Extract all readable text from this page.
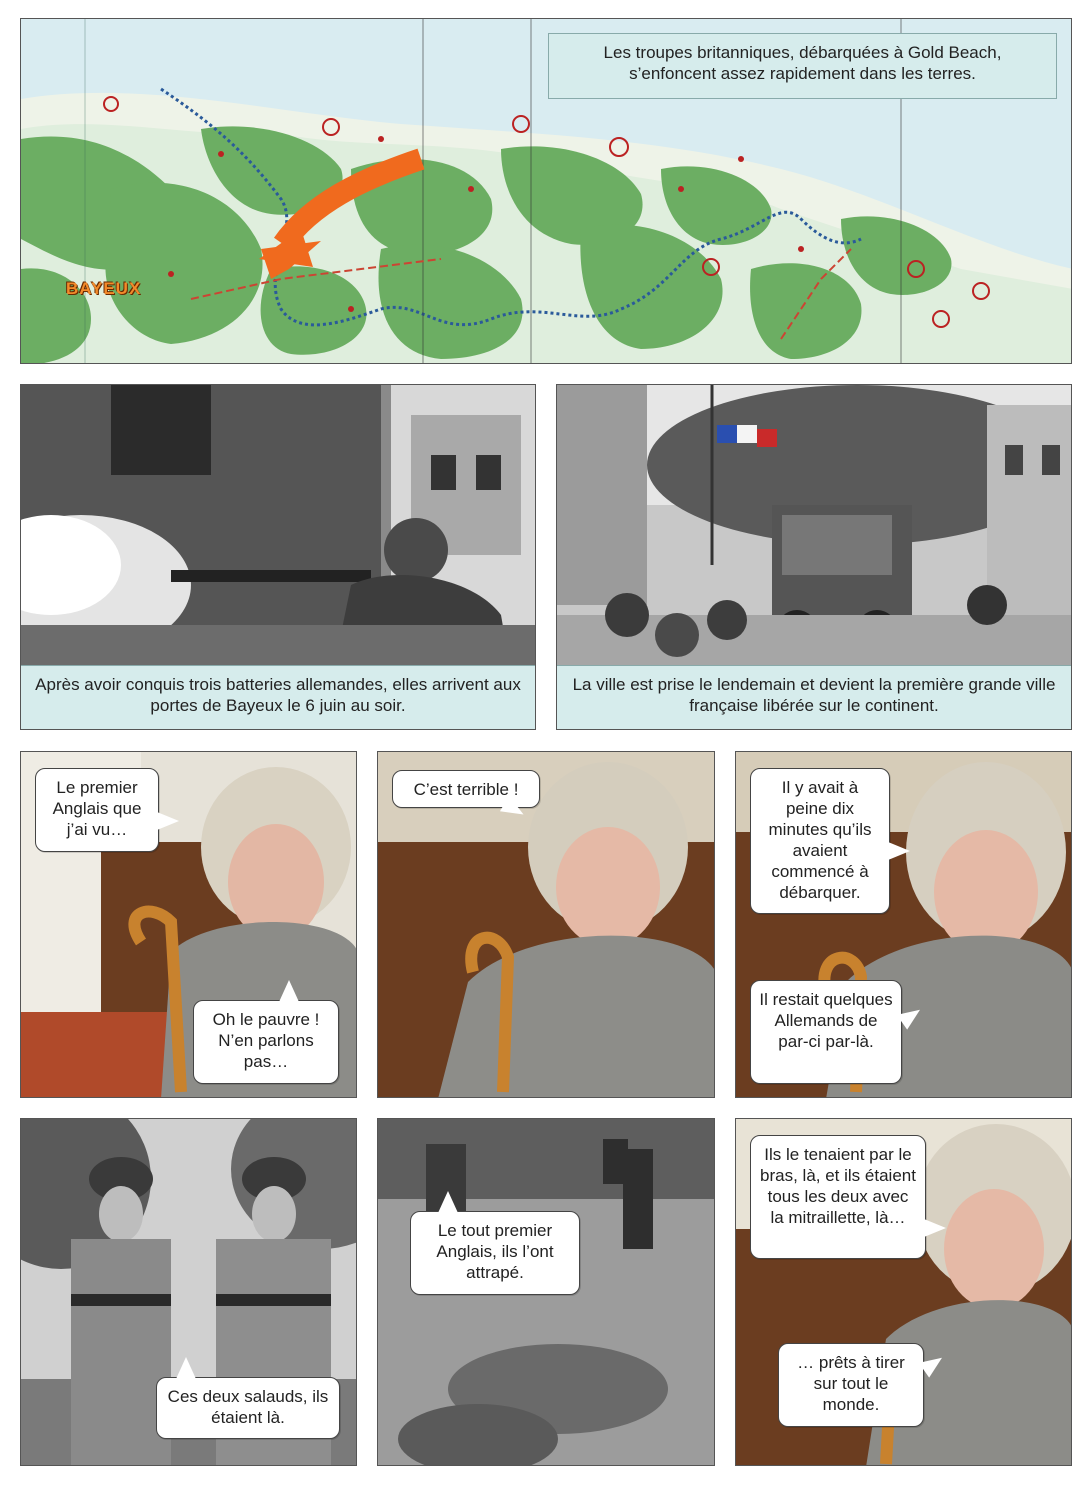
BAYEUX
Les troupes britanniques, débarquées à Gold Beach, s’enfoncent assez rapidement dans les terres.
Après avoir conquis trois batteries allemandes, elles arrivent aux portes de Bayeux le 6 juin au soir.
La ville est prise le lendemain et devient la première grande ville française libérée sur le continent.
Le premier Anglais que j’ai vu…
Oh le pauvre ! N’en parlons pas…
C’est terrible !	Il y avait à peine dix minutes qu’ils avaient commencé à débarquer.
Il restait quelques Allemands de par-ci par-là.
Ces deux salauds, ils étaient là.
Le tout premier Anglais, ils l’ont attrapé.
Ils le tenaient par le bras, là, et ils étaient tous les deux avec la mitraillette, là…
… prêts à tirer sur tout le monde.
